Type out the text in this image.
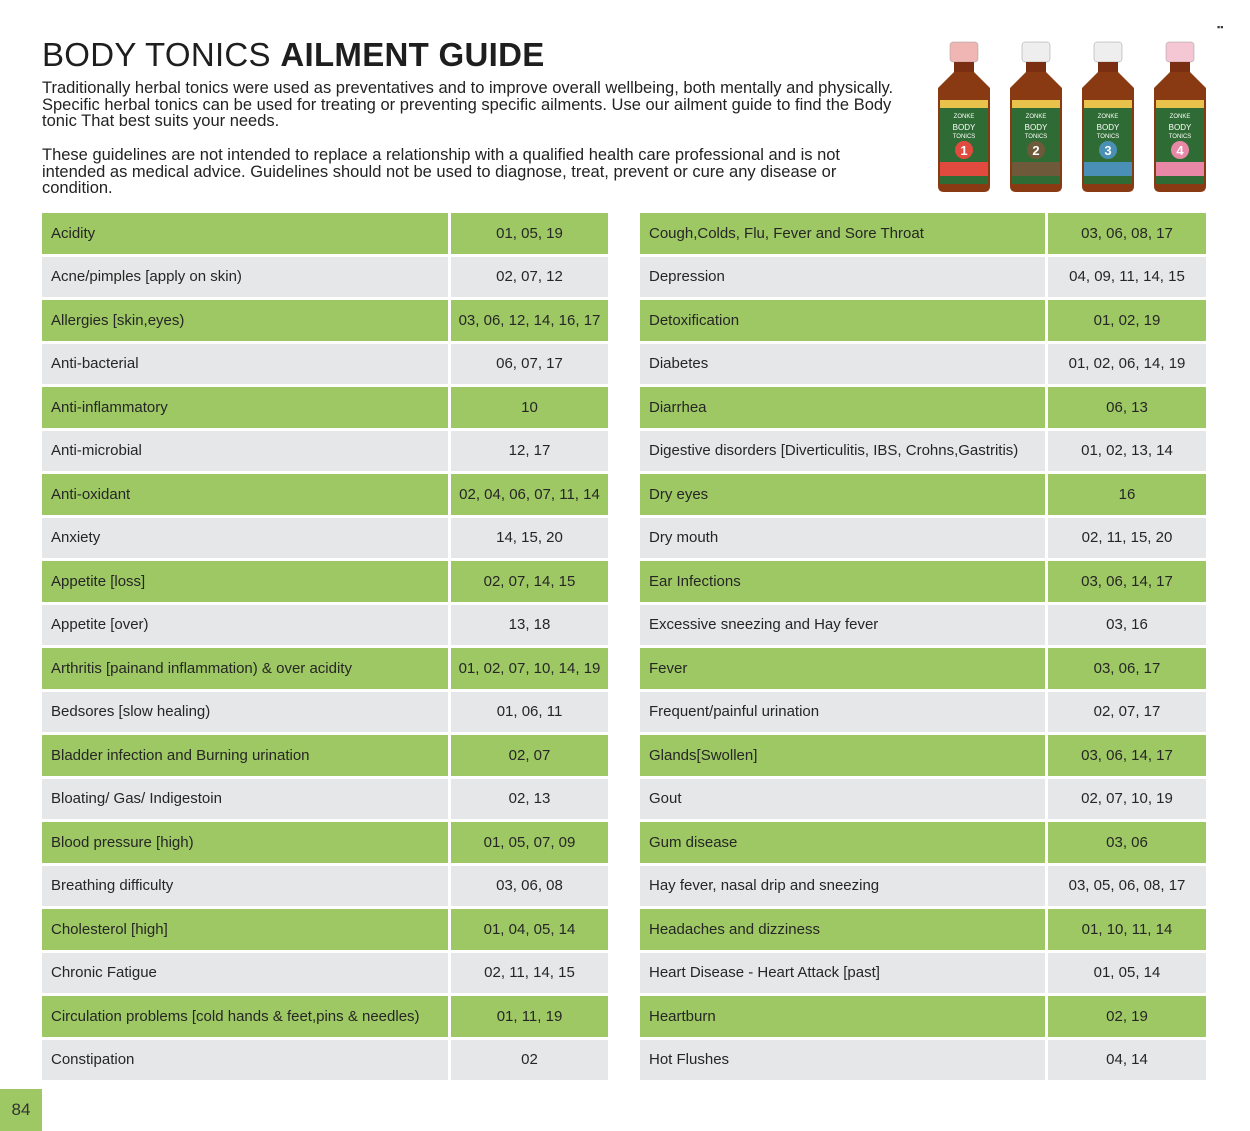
BODY TONICS AILMENT GUIDE

Traditionally herbal tonics were used as preventatives and to improve overall wellbeing, both mentally and physically. Specific herbal tonics can be used for treating or preventing specific ailments. Use our ailment guide to find the Body tonic That best suits your needs.

These guidelines are not intended to replace a relationship with a qualified health care professional and is not intended as medical advice. Guidelines should not be used to diagnose, treat, prevent or cure any disease or condition.

▪▪
ZONKE
BODY
TONICS
1
ZONKE
BODY
TONICS
2
ZONKE
BODY
TONICS
3
ZONKE
BODY
TONICS
4
Acidity	01, 05, 19
Acne/pimples [apply on skin)	02, 07, 12
Allergies [skin,eyes)	03, 06, 12, 14, 16, 17
Anti-bacterial	06, 07, 17
Anti-inflammatory	10
Anti-microbial	12, 17
Anti-oxidant	02, 04, 06, 07, 11, 14
Anxiety	14, 15, 20
Appetite [loss]	02, 07, 14, 15
Appetite [over)	13, 18
Arthritis [painand inflammation) & over acidity	01, 02, 07, 10, 14, 19
Bedsores [slow healing)	01, 06, 11
Bladder infection and Burning urination	02, 07
Bloating/ Gas/ Indigestoin	02, 13
Blood pressure [high)	01, 05, 07, 09
Breathing difficulty	03, 06, 08
Cholesterol [high]	01, 04, 05, 14
Chronic Fatigue	02, 11, 14, 15
Circulation problems [cold hands & feet,pins & needles)	01, 11, 19
Constipation	02
Cough,Colds, Flu, Fever and Sore Throat	03, 06, 08, 17
Depression	04, 09, 11, 14, 15
Detoxification	01, 02, 19
Diabetes	01, 02, 06, 14, 19
Diarrhea	06, 13
Digestive disorders [Diverticulitis, IBS, Crohns,Gastritis)	01, 02, 13, 14
Dry eyes	16
Dry mouth	02, 11, 15, 20
Ear Infections	03, 06, 14, 17
Excessive sneezing and Hay fever	03, 16
Fever	03, 06, 17
Frequent/painful urination	02, 07, 17
Glands[Swollen]	03, 06, 14, 17
Gout	02, 07, 10, 19
Gum disease	03, 06
Hay fever, nasal drip and sneezing	03, 05, 06, 08, 17
Headaches and dizziness	01, 10, 11, 14
Heart Disease - Heart Attack [past]	01, 05, 14
Heartburn	02, 19
Hot Flushes	04, 14
84
